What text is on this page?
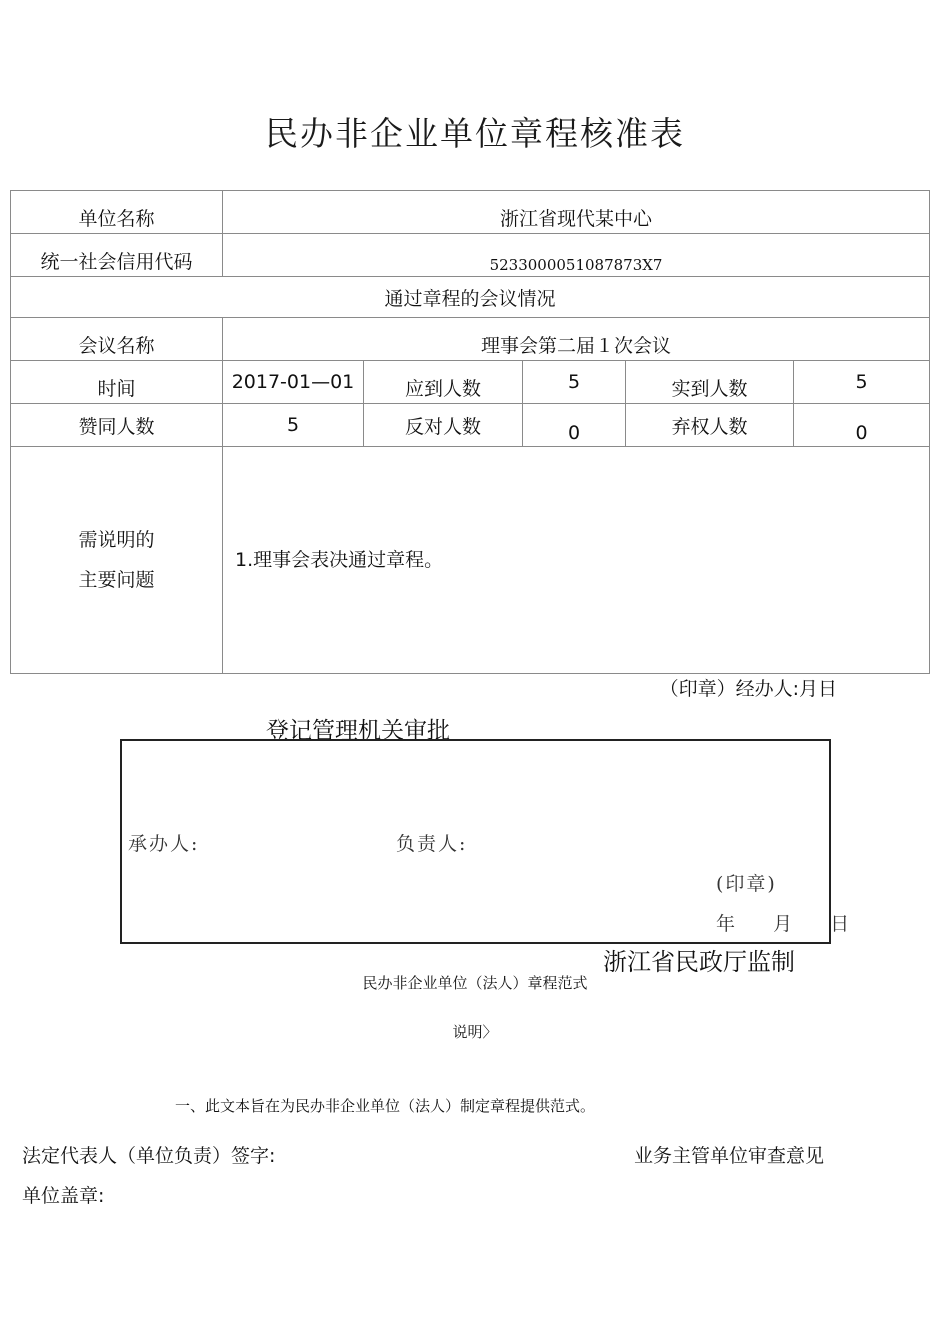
民办非企业单位章程核准表
单位名称	浙江省现代某中心				
统一社会信用代码	5233000051087873X7				
通过章程的会议情况					
会议名称	理事会第二届１次会议				
时间	2017-01—01	应到人数	5	实到人数	5
赞同人数	5	反对人数	0	弃权人数	0

需说明的
主要问题	1.理事会表决通过章程。				
（印章）经办人:月日
登记管理机关审批
承办人:	负责人:
(印章)
年  月  日
浙江省民政厅监制
民办非企业单位（法人）章程范式
说明〉
一、此文本旨在为民办非企业单位（法人）制定章程提供范式。
法定代表人（单位负责）签字:	业务主管单位审查意见
单位盖章:
